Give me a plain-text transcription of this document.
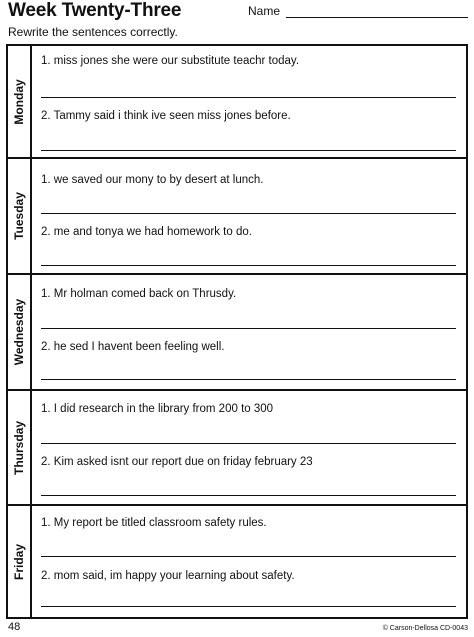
Week Twenty-Three	Name
Rewrite the sentences correctly.
Monday
1. miss jones she were our substitute teachr today.
2. Tammy said i think ive seen miss jones before.
Tuesday
1. we saved our mony to by desert at lunch.
2. me and tonya we had homework to do.
Wednesday
1. Mr holman comed back on Thrusdy.
2. he sed I havent been feeling well.
Thursday
1. I did research in the library from 200 to 300
2. Kim asked isnt our report due on friday february 23
Friday
1. My report be titled classroom safety rules.
2. mom said, im happy your learning about safety.
48	© Carson-Dellosa CD-0043
